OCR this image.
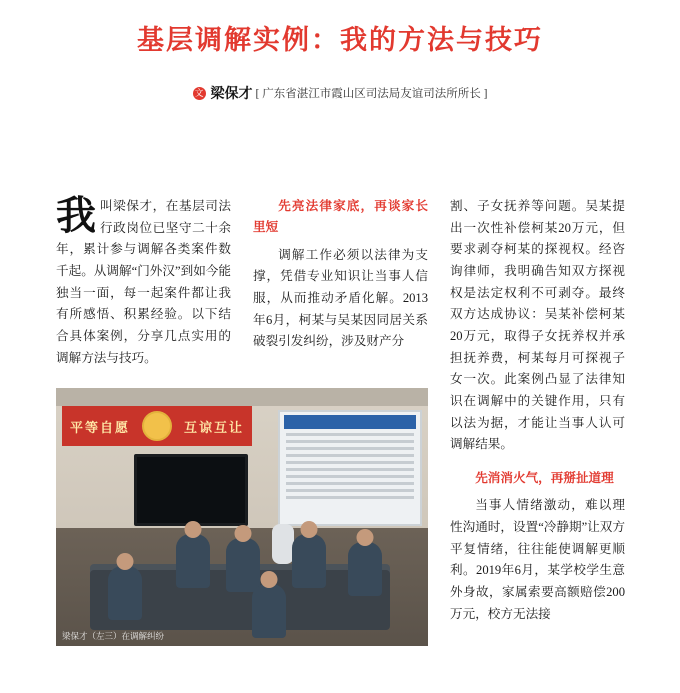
基层调解实例：我的方法与技巧
文 梁保才 [ 广东省湛江市霞山区司法局友谊司法所所长 ]

我 叫梁保才，在基层司法行政岗位已坚守二十余年，累计参与调解各类案件数千起。从调解“门外汉”到如今能独当一面，每一起案件都让我有所感悟、积累经验。以下结合具体案例，分享几点实用的调解方法与技巧。

先亮法律家底，再谈家长里短

调解工作必须以法律为支撑，凭借专业知识让当事人信服，从而推动矛盾化解。2013年6月，柯某与吴某因同居关系破裂引发纠纷，涉及财产分

割、子女抚养等问题。吴某提出一次性补偿柯某20万元，但要求剥夺柯某的探视权。经咨询律师，我明确告知双方探视权是法定权利不可剥夺。最终双方达成协议：吴某补偿柯某20万元，取得子女抚养权并承担抚养费，柯某每月可探视子女一次。此案例凸显了法律知识在调解中的关键作用，只有以法为据，才能让当事人认可调解结果。

先消消火气，再掰扯道理

当事人情绪激动，难以理性沟通时，设置“冷静期”让双方平复情绪，往往能使调解更顺利。2019年6月，某学校学生意外身故，家属索要高额赔偿200万元，校方无法接

平等自愿	互谅互让
梁保才（左三）在调解纠纷
